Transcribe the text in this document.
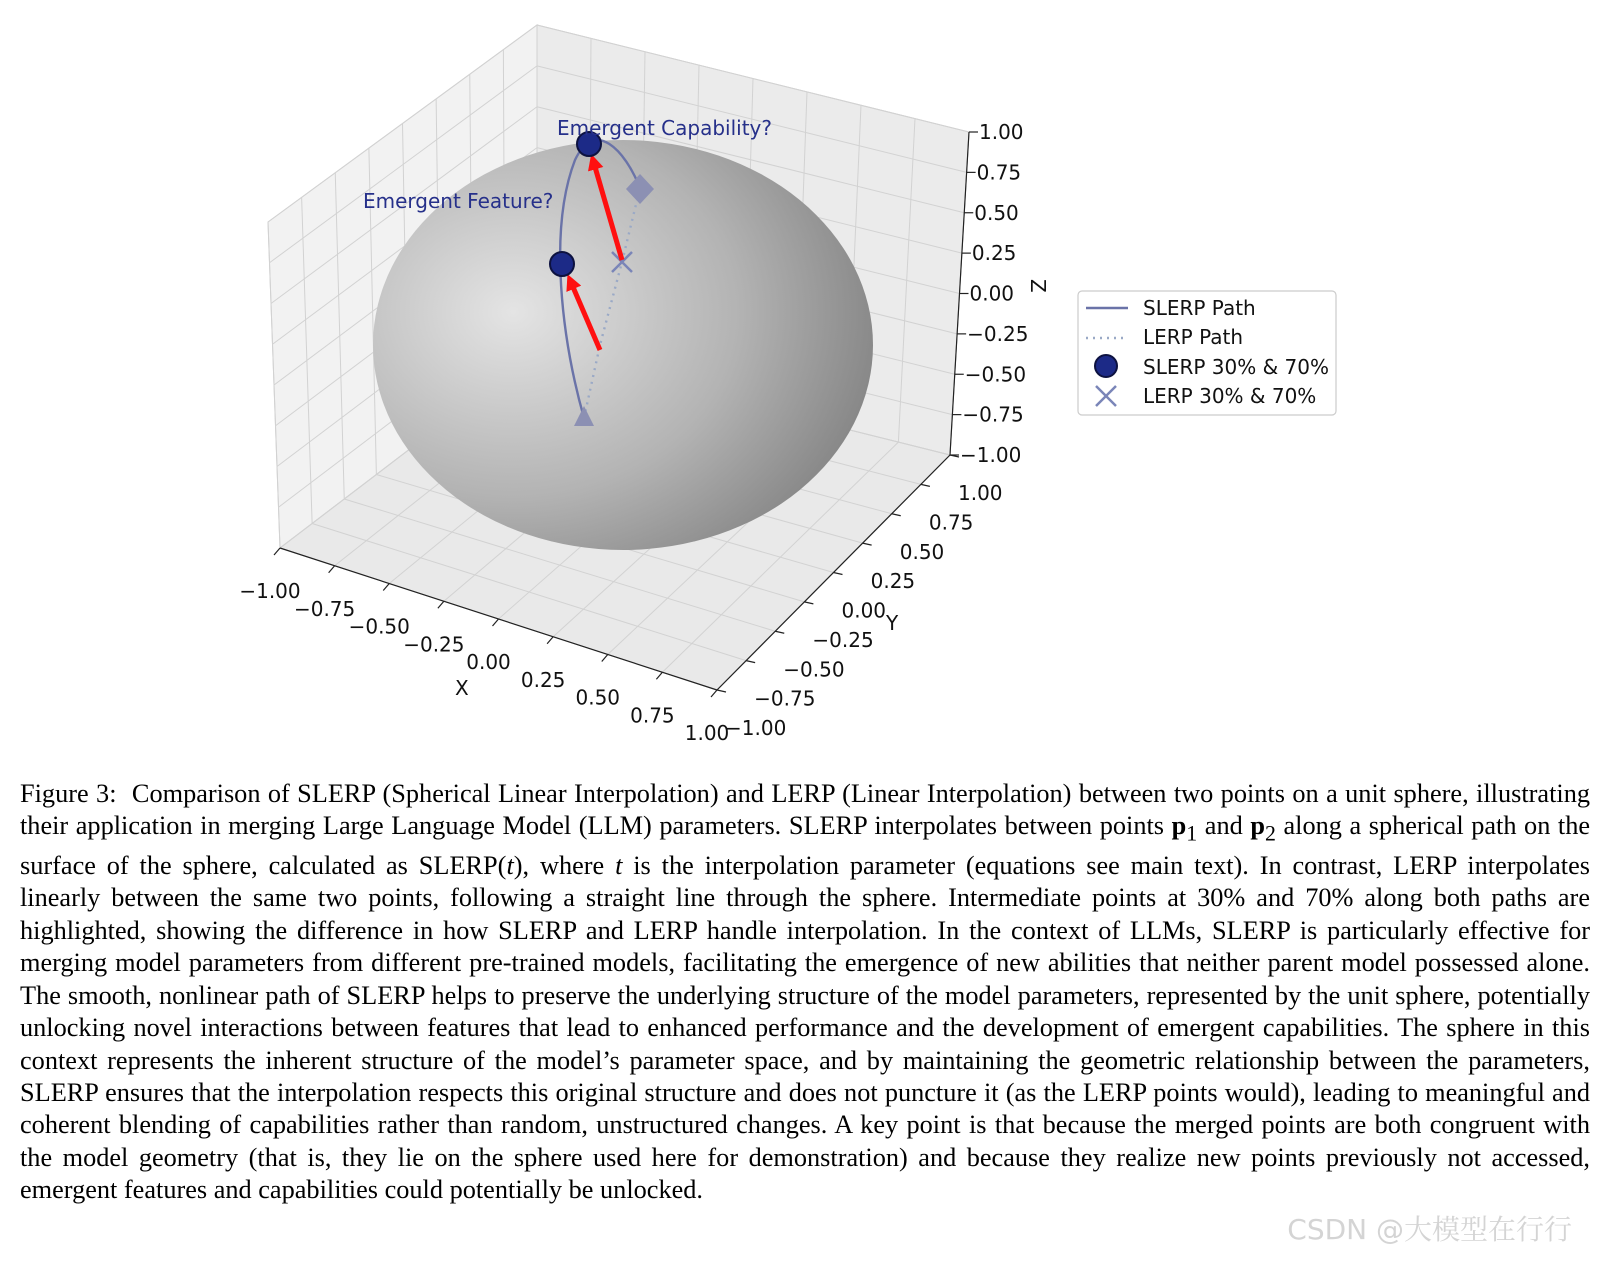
Emergent Capability?
Emergent Feature?
−1.00
−0.75
−0.50
−0.25
0.00
0.25
0.50
0.75
1.00
−1.00
−0.75
−0.50
−0.25
0.00
0.25
0.50
0.75
1.00
−1.00
−0.75
−0.50
−0.25
0.00
0.25
0.50
0.75
1.00
X
Y
Z
SLERP Path
LERP Path
SLERP 30% & 70%
LERP 30% & 70%

Figure 3: Comparison of SLERP (Spherical Linear Interpolation) and LERP (Linear Interpolation) between two points on a unit sphere, illustrating their application in merging Large Language Model (LLM) parameters. SLERP interpolates between points $p_1$ and $p_2$ along a spherical path on the surface of the sphere, calculated as SLERP(t), where t is the interpolation parameter (equations see main text). In contrast, LERP interpolates linearly between the same two points, following a straight line through the sphere. Intermediate points at 30% and 70% along both paths are highlighted, showing the difference in how SLERP and LERP handle interpolation. In the context of LLMs, SLERP is particularly effective for merging model parameters from different pre-trained models, facilitating the emergence of new abilities that neither parent model possessed alone. The smooth, nonlinear path of SLERP helps to preserve the underlying structure of the model parameters, represented by the unit sphere, potentially unlocking novel interactions between features that lead to enhanced performance and the development of emergent capabilities. The sphere in this context represents the inherent structure of the model’s parameter space, and by maintaining the geometric relationship between the parameters, SLERP ensures that the interpolation respects this original structure and does not puncture it (as the LERP points would), leading to meaningful and coherent blending of capabilities rather than random, unstructured changes. A key point is that because the merged points are both congruent with the model geometry (that is, they lie on the sphere used here for demonstration) and because they realize new points previously not accessed, emergent features and capabilities could potentially be unlocked.

CSDN @大模型在行行
